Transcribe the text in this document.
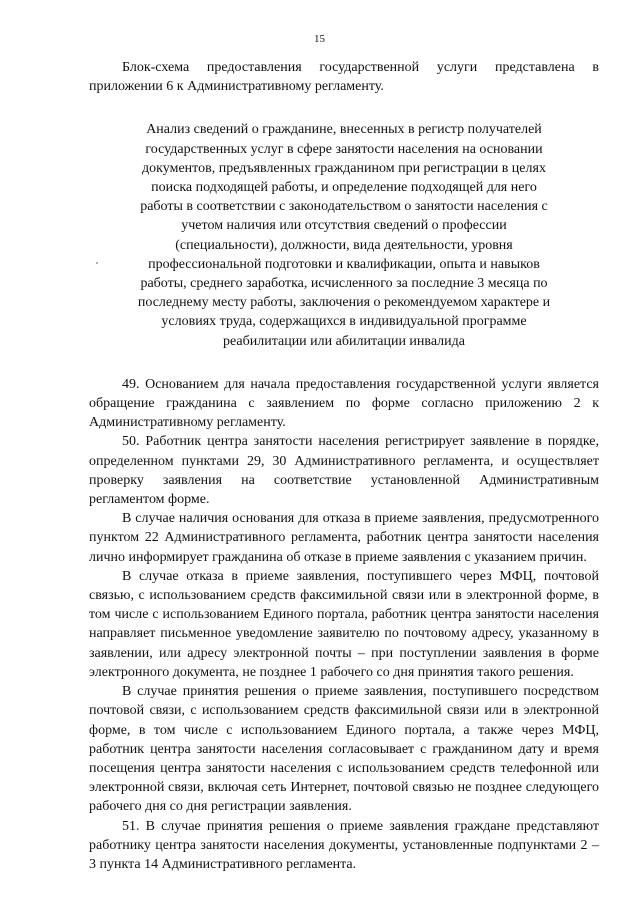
15

Блок-схема предоставления государственной услуги представлена в приложении 6 к Административному регламенту.

Анализ сведений о гражданине, внесенных в регистр получателей государственных услуг в сфере занятости населения на основании документов, предъявленных гражданином при регистрации в целях поиска подходящей работы, и определение подходящей для него работы в соответствии с законодательством о занятости населения с учетом наличия или отсутствия сведений о профессии (специальности), должности, вида деятельности, уровня профессиональной подготовки и квалификации, опыта и навыков работы, среднего заработка, исчисленного за последние 3 месяца по последнему месту работы, заключения о рекомендуемом характере и условиях труда, содержащихся в индивидуальной программе реабилитации или абилитации инвалида

49. Основанием для начала предоставления государственной услуги является обращение гражданина с заявлением по форме согласно приложению 2 к Административному регламенту.

50. Работник центра занятости населения регистрирует заявление в порядке, определенном пунктами 29, 30 Административного регламента, и осуществляет проверку заявления на соответствие установленной Административным регламентом форме.

В случае наличия основания для отказа в приеме заявления, предусмотренного пунктом 22 Административного регламента, работник центра занятости населения лично информирует гражданина об отказе в приеме заявления с указанием причин.

В случае отказа в приеме заявления, поступившего через МФЦ, почтовой связью, с использованием средств факсимильной связи или в электронной форме, в том числе с использованием Единого портала, работник центра занятости населения направляет письменное уведомление заявителю по почтовому адресу, указанному в заявлении, или адресу электронной почты – при поступлении заявления в форме электронного документа, не позднее 1 рабочего со дня принятия такого решения.

В случае принятия решения о приеме заявления, поступившего посредством почтовой связи, с использованием средств факсимильной связи или в электронной форме, в том числе с использованием Единого портала, а также через МФЦ, работник центра занятости населения согласовывает с гражданином дату и время посещения центра занятости населения с использованием средств телефонной или электронной связи, включая сеть Интернет, почтовой связью не позднее следующего рабочего дня со дня регистрации заявления.

51. В случае принятия решения о приеме заявления граждане представляют работнику центра занятости населения документы, установленные подпунктами 2 – 3 пункта 14 Административного регламента.
